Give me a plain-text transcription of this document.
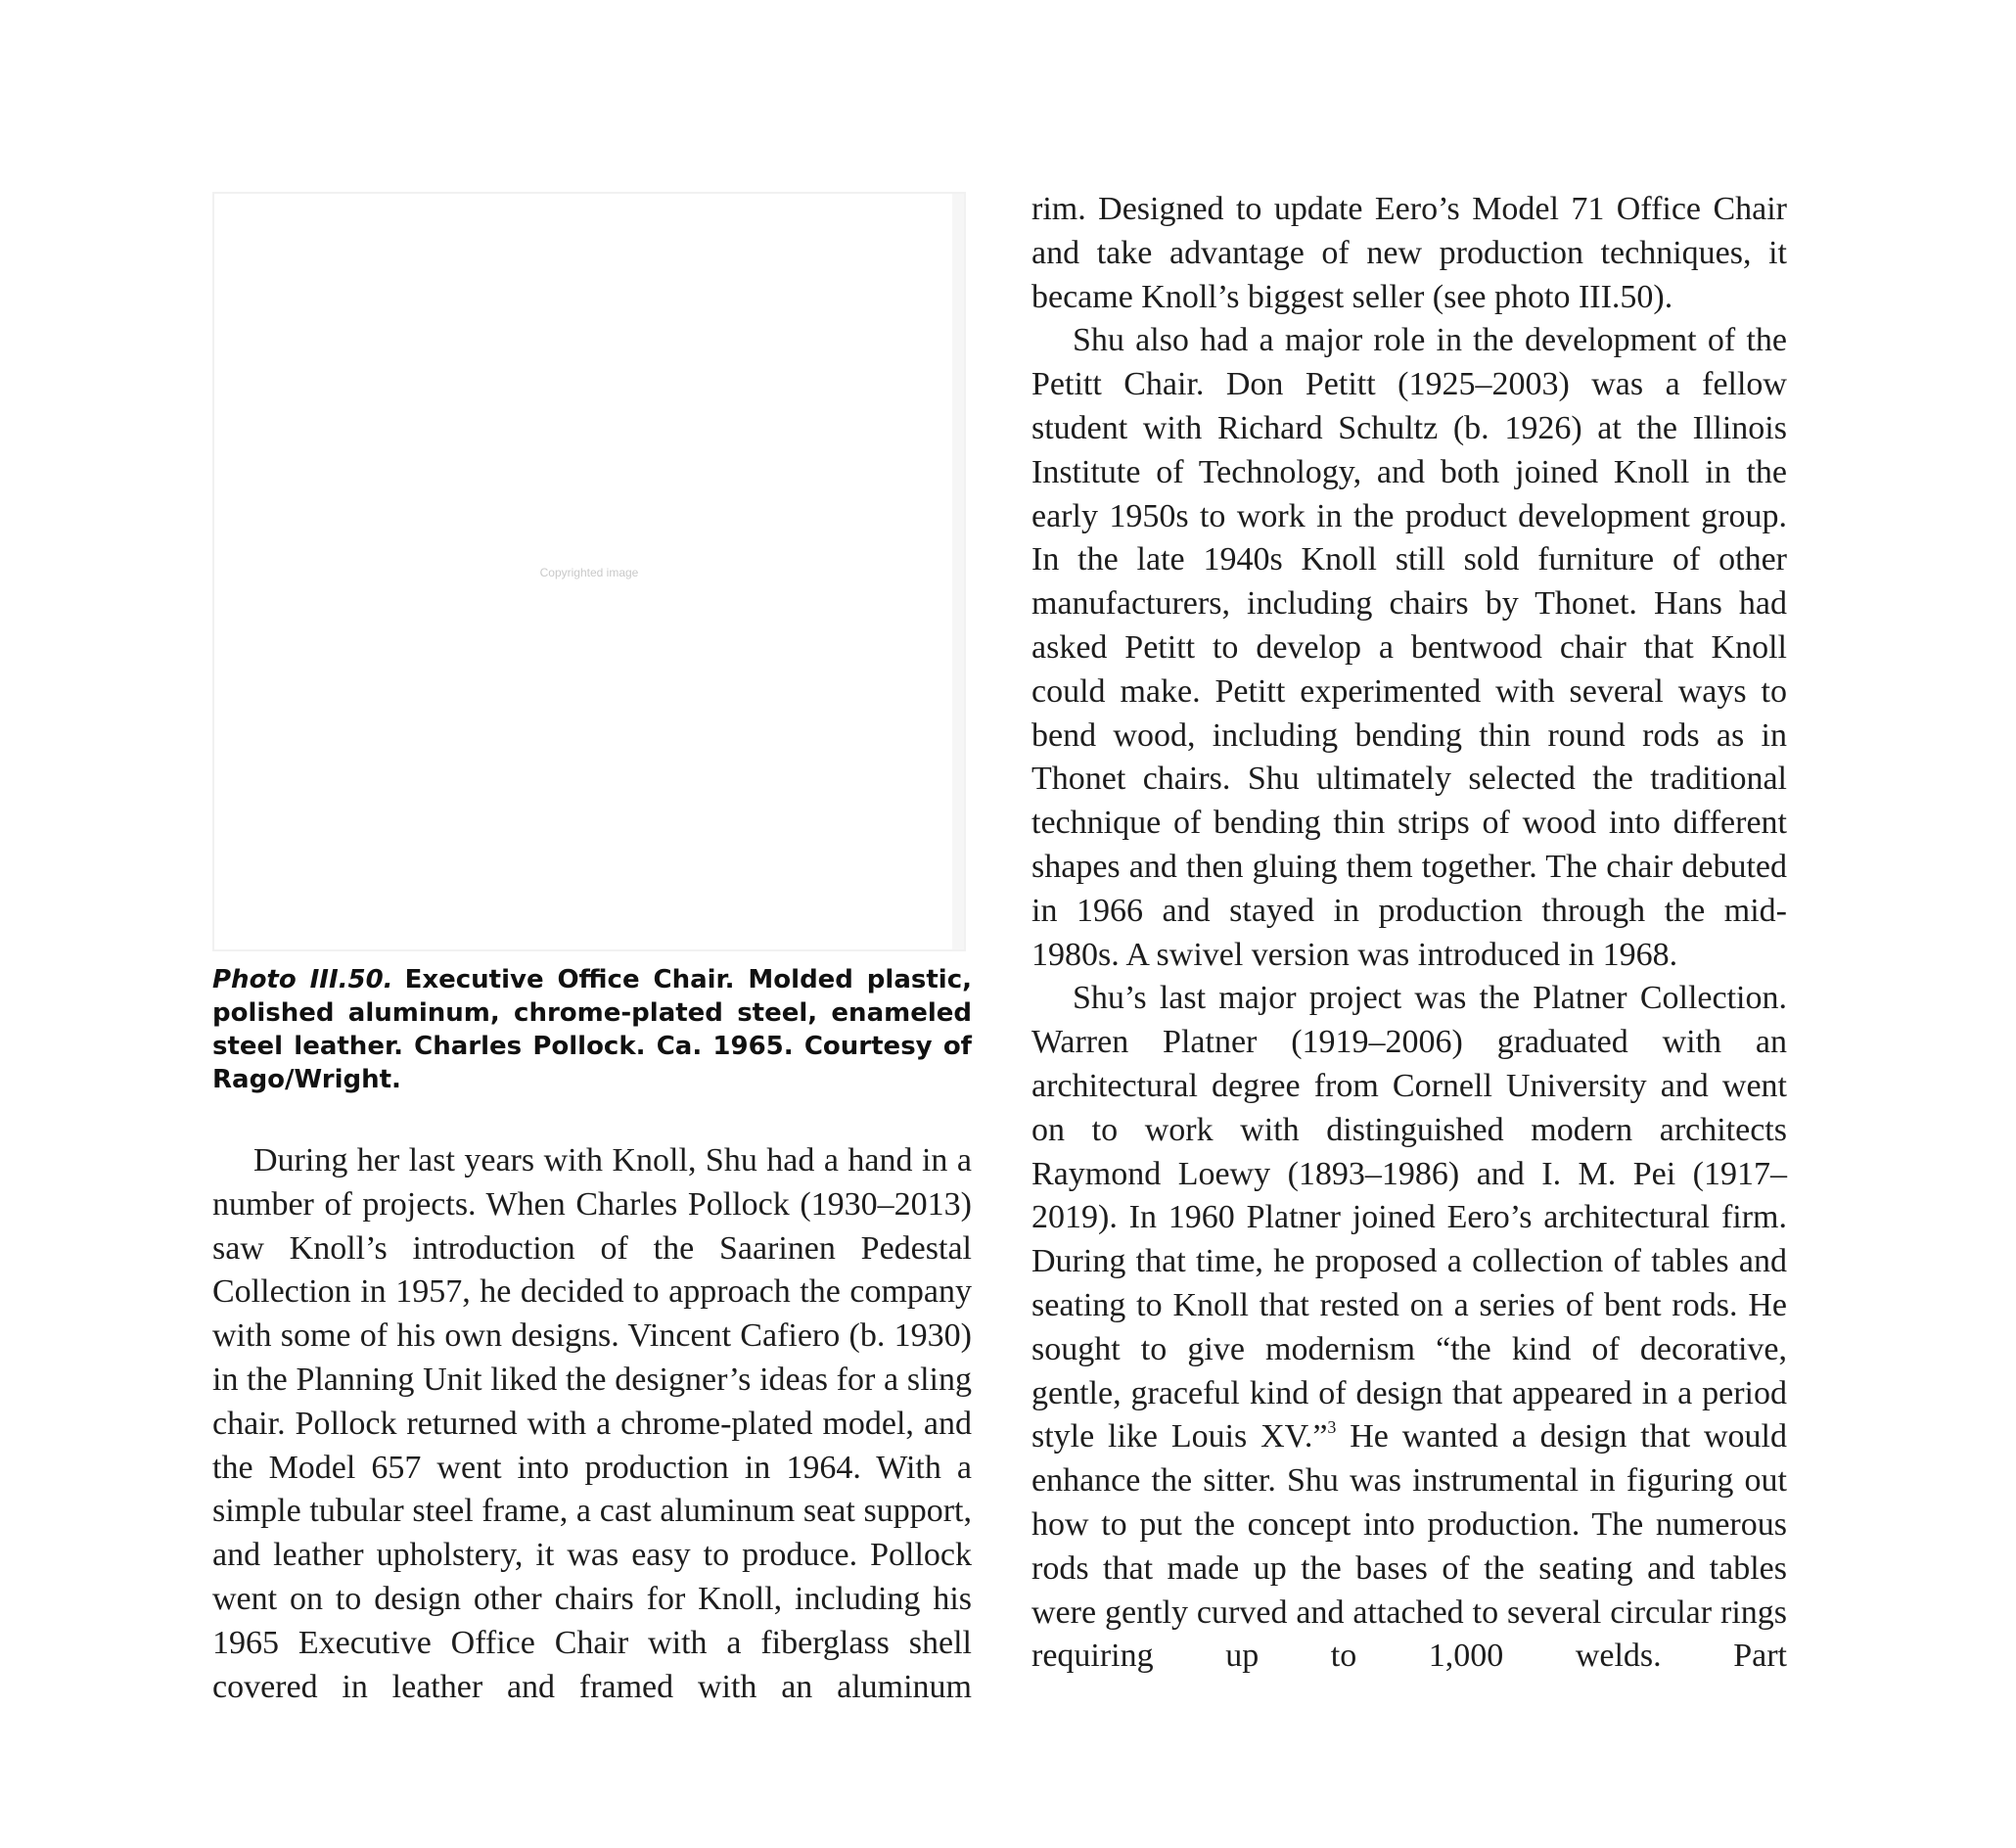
Copyrighted image
Photo III.50. Executive Office Chair. Molded plastic, polished aluminum, chrome-plated steel, enameled steel leather. Charles Pollock. Ca. 1965. Courtesy of Rago/Wright.

During her last years with Knoll, Shu had a hand in a number of projects. When Charles Pollock (1930–2013) saw Knoll’s introduction of the Saarinen Pedestal Collection in 1957, he decided to approach the company with some of his own designs. Vincent Cafiero (b. 1930) in the Planning Unit liked the designer’s ideas for a sling chair. Pollock returned with a chrome-plated model, and the Model 657 went into production in 1964. With a simple tubular steel frame, a cast aluminum seat support, and leather upholstery, it was easy to produce. Pollock went on to design other chairs for Knoll, including his 1965 Executive Office Chair with a fiberglass shell covered in leather and framed with an aluminum

rim. Designed to update Eero’s Model 71 Office Chair and take advantage of new production techniques, it became Knoll’s biggest seller (see photo III.50).

Shu also had a major role in the development of the Petitt Chair. Don Petitt (1925–2003) was a fellow student with Richard Schultz (b. 1926) at the Illinois Institute of Technology, and both joined Knoll in the early 1950s to work in the product development group. In the late 1940s Knoll still sold furniture of other manufacturers, including chairs by Thonet. Hans had asked Petitt to develop a bentwood chair that Knoll could make. Petitt experimented with several ways to bend wood, including bending thin round rods as in Thonet chairs. Shu ultimately selected the traditional technique of bending thin strips of wood into different shapes and then gluing them together. The chair debuted in 1966 and stayed in production through the mid-1980s. A swivel version was introduced in 1968.

Shu’s last major project was the Platner Collection. Warren Platner (1919–2006) graduated with an architectural degree from Cornell University and went on to work with distinguished modern architects Raymond Loewy (1893–1986) and I. M. Pei (1917–2019). In 1960 Platner joined Eero’s architectural firm. During that time, he proposed a collection of tables and seating to Knoll that rested on a series of bent rods. He sought to give modernism “the kind of decorative, gentle, graceful kind of design that appeared in a period style like Louis XV.”$^3$ He wanted a design that would enhance the sitter. Shu was instrumental in figuring out how to put the concept into production. The numerous rods that made up the bases of the seating and tables were gently curved and attached to several circular rings requiring up to 1,000 welds. Part
